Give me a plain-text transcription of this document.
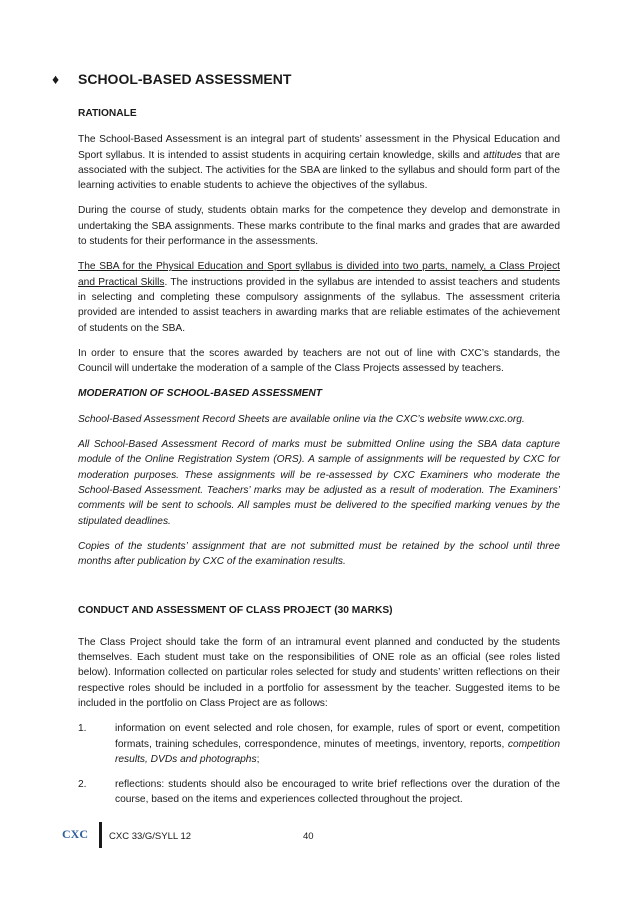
♦ SCHOOL-BASED ASSESSMENT

RATIONALE

The School-Based Assessment is an integral part of students’ assessment in the Physical Education and Sport syllabus. It is intended to assist students in acquiring certain knowledge, skills and attitudes that are associated with the subject. The activities for the SBA are linked to the syllabus and should form part of the learning activities to enable students to achieve the objectives of the syllabus.

During the course of study, students obtain marks for the competence they develop and demonstrate in undertaking the SBA assignments. These marks contribute to the final marks and grades that are awarded to students for their performance in the assessments.

The SBA for the Physical Education and Sport syllabus is divided into two parts, namely, a Class Project and Practical Skills. The instructions provided in the syllabus are intended to assist teachers and students in selecting and completing these compulsory assignments of the syllabus. The assessment criteria provided are intended to assist teachers in awarding marks that are reliable estimates of the achievement of students on the SBA.

In order to ensure that the scores awarded by teachers are not out of line with CXC’s standards, the Council will undertake the moderation of a sample of the Class Projects assessed by teachers.

MODERATION OF SCHOOL-BASED ASSESSMENT

School-Based Assessment Record Sheets are available online via the CXC’s website www.cxc.org.

All School-Based Assessment Record of marks must be submitted Online using the SBA data capture module of the Online Registration System (ORS). A sample of assignments will be requested by CXC for moderation purposes. These assignments will be re-assessed by CXC Examiners who moderate the School-Based Assessment. Teachers’ marks may be adjusted as a result of moderation. The Examiners’ comments will be sent to schools. All samples must be delivered to the specified marking venues by the stipulated deadlines.

Copies of the students’ assignment that are not submitted must be retained by the school until three months after publication by CXC of the examination results.

CONDUCT AND ASSESSMENT OF CLASS PROJECT (30 MARKS)

The Class Project should take the form of an intramural event planned and conducted by the students themselves. Each student must take on the responsibilities of ONE role as an official (see roles listed below). Information collected on particular roles selected for study and students’ written reflections on their respective roles should be included in a portfolio for assessment by the teacher. Suggested items to be included in the portfolio on Class Project are as follows:

1.	information on event selected and role chosen, for example, rules of sport or event, competition formats, training schedules, correspondence, minutes of meetings, inventory, reports, competition results, DVDs and photographs;

2.	reflections: students should also be encouraged to write brief reflections over the duration of the course, based on the items and experiences collected throughout the project.

CXC CXC 33/G/SYLL 12	40
